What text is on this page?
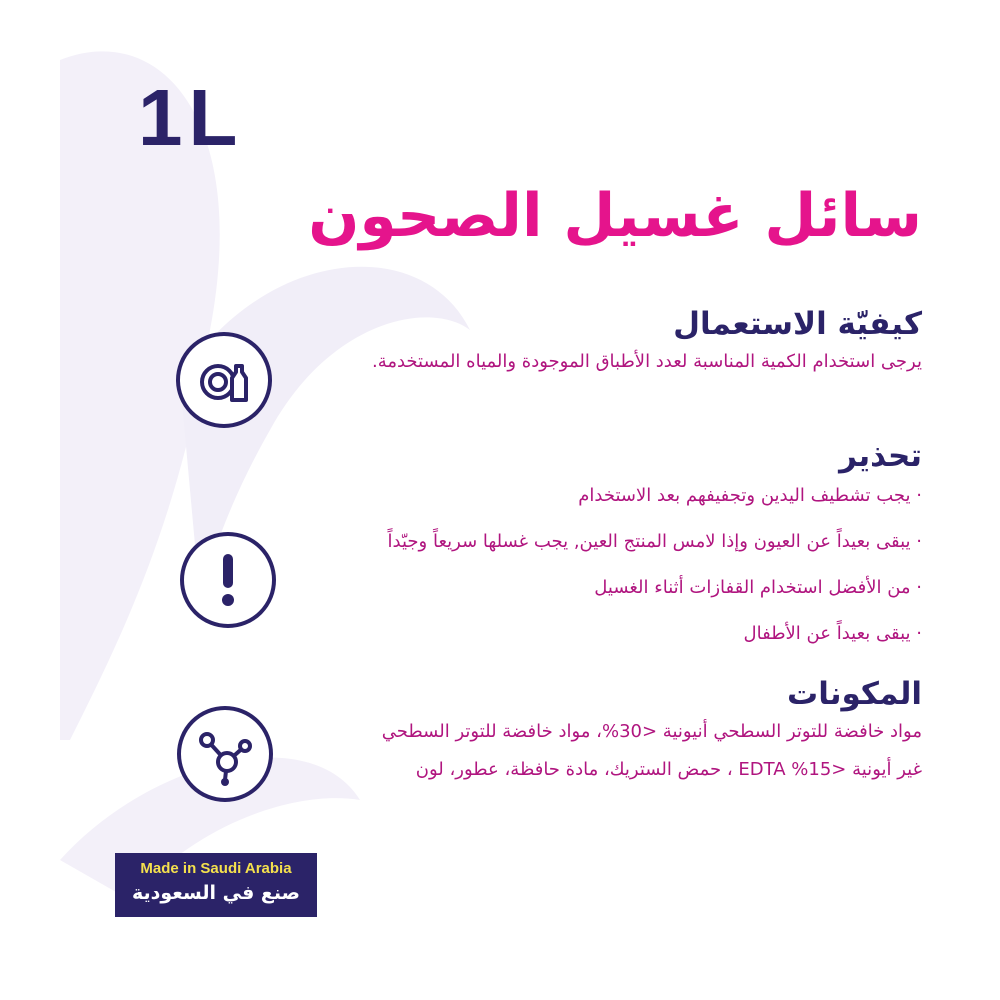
1L
سائل غسيل الصحون
كيفيّة الاستعمال

يرجى استخدام الكمية المناسبة لعدد الأطباق الموجودة والمياه المستخدمة.

تحذير
· يجب تشطيف اليدين وتجفيفهم بعد الاستخدام
· يبقى بعيداً عن العيون وإذا لامس المنتج العين, يجب غسلها سريعاً وجيّداً
· من الأفضل استخدام القفازات أثناء الغسيل
· يبقى بعيداً عن الأطفال
المكونات

مواد خافضة للتوتر السطحي أنيونية <30%، مواد خافضة للتوتر السطحي غير أيونية <15% EDTA ، حمض الستريك، مادة حافظة، عطور، لون

Made in Saudi Arabia
صنع في السعودية
